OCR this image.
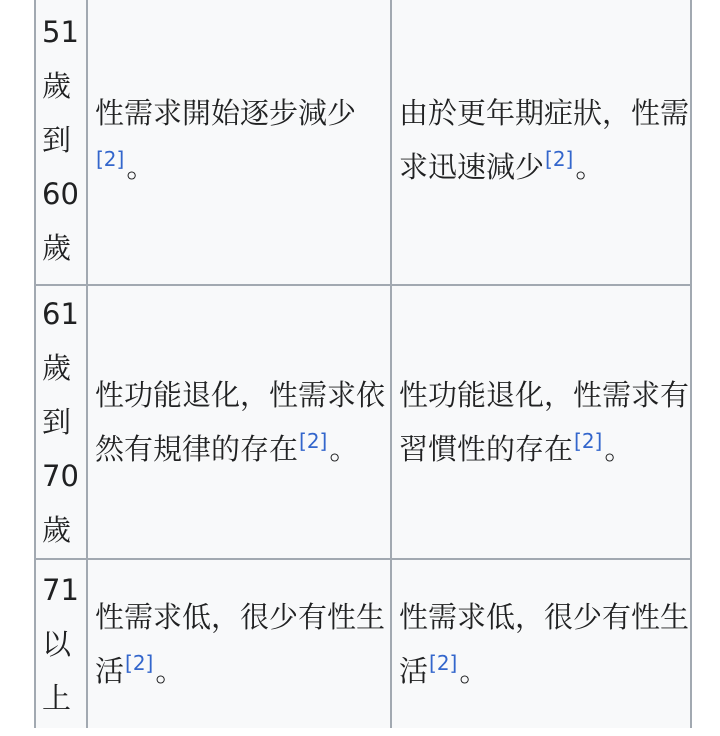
51
歲
到
60
歲	性需求開始逐步減少[2]。	由於更年期症狀，性需求迅速減少[2]。

61
歲
到
70
歲	性功能退化，性需求依然有規律的存在[2]。	性功能退化，性需求有習慣性的存在[2]。

71
以
上	性需求低，很少有性生活[2]。	性需求低，很少有性生活[2]。
